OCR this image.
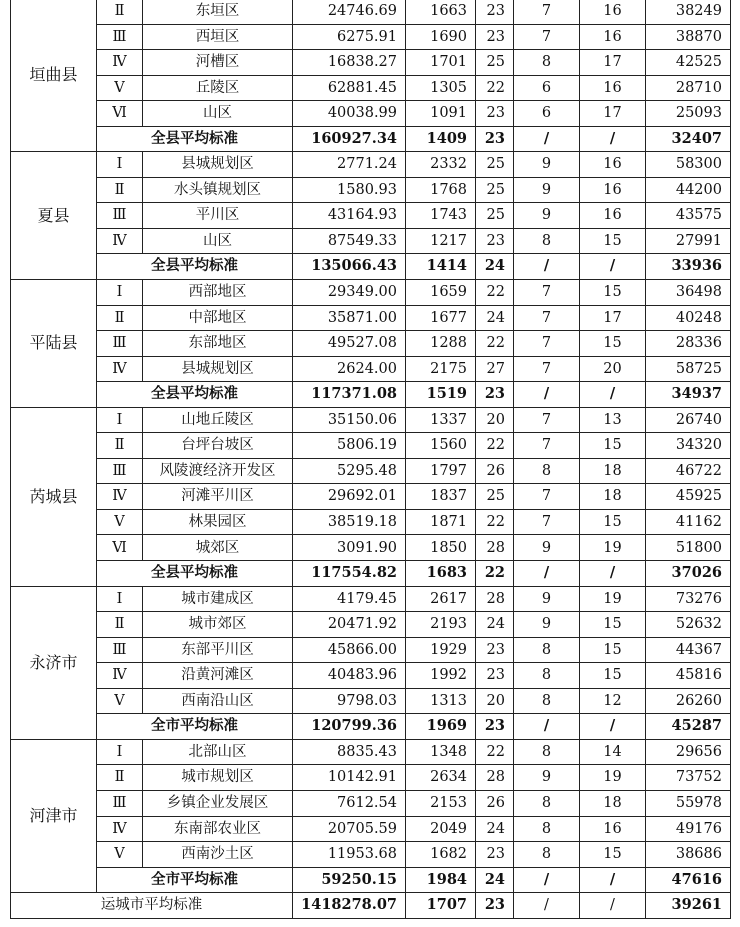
垣曲县	Ⅱ	东垣区	24746.69	1663	23	7	16	38249
	Ⅲ	西垣区	6275.91	1690	23	7	16	38870
	Ⅳ	河槽区	16838.27	1701	25	8	17	42525
	Ⅴ	丘陵区	62881.45	1305	22	6	16	28710
	Ⅵ	山区	40038.99	1091	23	6	17	25093
	全县平均标准		160927.34	1409	23	/	/	32407
夏县	Ⅰ	县城规划区	2771.24	2332	25	9	16	58300
	Ⅱ	水头镇规划区	1580.93	1768	25	9	16	44200
	Ⅲ	平川区	43164.93	1743	25	9	16	43575
	Ⅳ	山区	87549.33	1217	23	8	15	27991
	全县平均标准		135066.43	1414	24	/	/	33936
平陆县	Ⅰ	西部地区	29349.00	1659	22	7	15	36498
	Ⅱ	中部地区	35871.00	1677	24	7	17	40248
	Ⅲ	东部地区	49527.08	1288	22	7	15	28336
	Ⅳ	县城规划区	2624.00	2175	27	7	20	58725
	全县平均标准		117371.08	1519	23	/	/	34937
芮城县	Ⅰ	山地丘陵区	35150.06	1337	20	7	13	26740
	Ⅱ	台坪台坡区	5806.19	1560	22	7	15	34320
	Ⅲ	风陵渡经济开发区	5295.48	1797	26	8	18	46722
	Ⅳ	河滩平川区	29692.01	1837	25	7	18	45925
	Ⅴ	林果园区	38519.18	1871	22	7	15	41162
	Ⅵ	城郊区	3091.90	1850	28	9	19	51800
	全县平均标准		117554.82	1683	22	/	/	37026
永济市	Ⅰ	城市建成区	4179.45	2617	28	9	19	73276
	Ⅱ	城市郊区	20471.92	2193	24	9	15	52632
	Ⅲ	东部平川区	45866.00	1929	23	8	15	44367
	Ⅳ	沿黄河滩区	40483.96	1992	23	8	15	45816
	Ⅴ	西南沿山区	9798.03	1313	20	8	12	26260
	全市平均标准		120799.36	1969	23	/	/	45287
河津市	Ⅰ	北部山区	8835.43	1348	22	8	14	29656
	Ⅱ	城市规划区	10142.91	2634	28	9	19	73752
	Ⅲ	乡镇企业发展区	7612.54	2153	26	8	18	55978
	Ⅳ	东南部农业区	20705.59	2049	24	8	16	49176
	Ⅴ	西南沙土区	11953.68	1682	23	8	15	38686
	全市平均标准		59250.15	1984	24	/	/	47616
运城市平均标准			1418278.07	1707	23	/	/	39261
